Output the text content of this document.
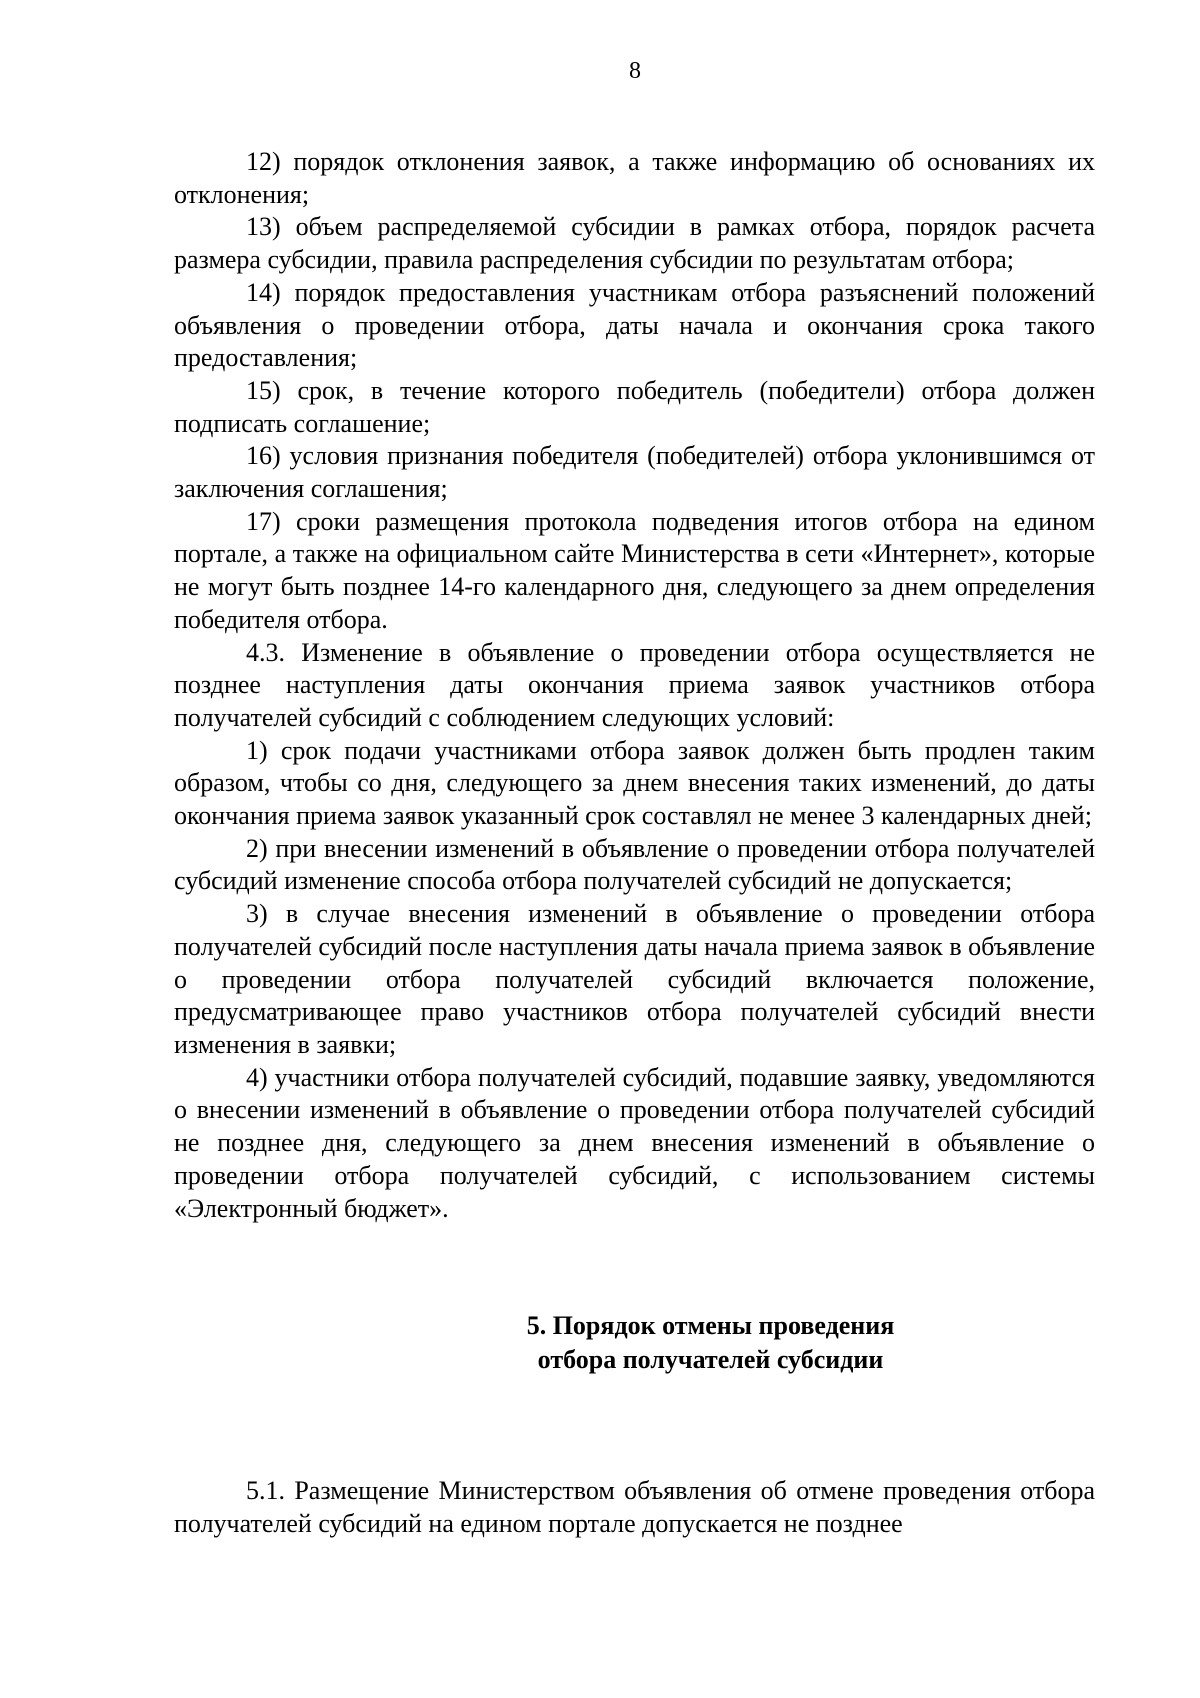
8

12) порядок отклонения заявок, а также информацию об основаниях их отклонения;

13) объем распределяемой субсидии в рамках отбора, порядок расчета размера субсидии, правила распределения субсидии по результатам отбора;

14) порядок предоставления участникам отбора разъяснений положений объявления о проведении отбора, даты начала и окончания срока такого предоставления;

15) срок, в течение которого победитель (победители) отбора должен подписать соглашение;

16) условия признания победителя (победителей) отбора уклонившимся от заключения соглашения;

17) сроки размещения протокола подведения итогов отбора на едином портале, а также на официальном сайте Министерства в сети «Интернет», которые не могут быть позднее 14-го календарного дня, следующего за днем определения победителя отбора.

4.3. Изменение в объявление о проведении отбора осуществляется не позднее наступления даты окончания приема заявок участников отбора получателей субсидий с соблюдением следующих условий:

1) срок подачи участниками отбора заявок должен быть продлен таким образом, чтобы со дня, следующего за днем внесения таких изменений, до даты окончания приема заявок указанный срок составлял не менее 3 календарных дней;

2) при внесении изменений в объявление о проведении отбора получателей субсидий изменение способа отбора получателей субсидий не допускается;

3) в случае внесения изменений в объявление о проведении отбора получателей субсидий после наступления даты начала приема заявок в объявление о проведении отбора получателей субсидий включается положение, предусматривающее право участников отбора получателей субсидий внести изменения в заявки;

4) участники отбора получателей субсидий, подавшие заявку, уведомляются о внесении изменений в объявление о проведении отбора получателей субсидий не позднее дня, следующего за днем внесения изменений в объявление о проведении отбора получателей субсидий, с использованием системы «Электронный бюджет».

5. Порядок отмены проведения
отбора получателей субсидии

5.1. Размещение Министерством объявления об отмене проведения отбора получателей субсидий на едином портале допускается не позднее
